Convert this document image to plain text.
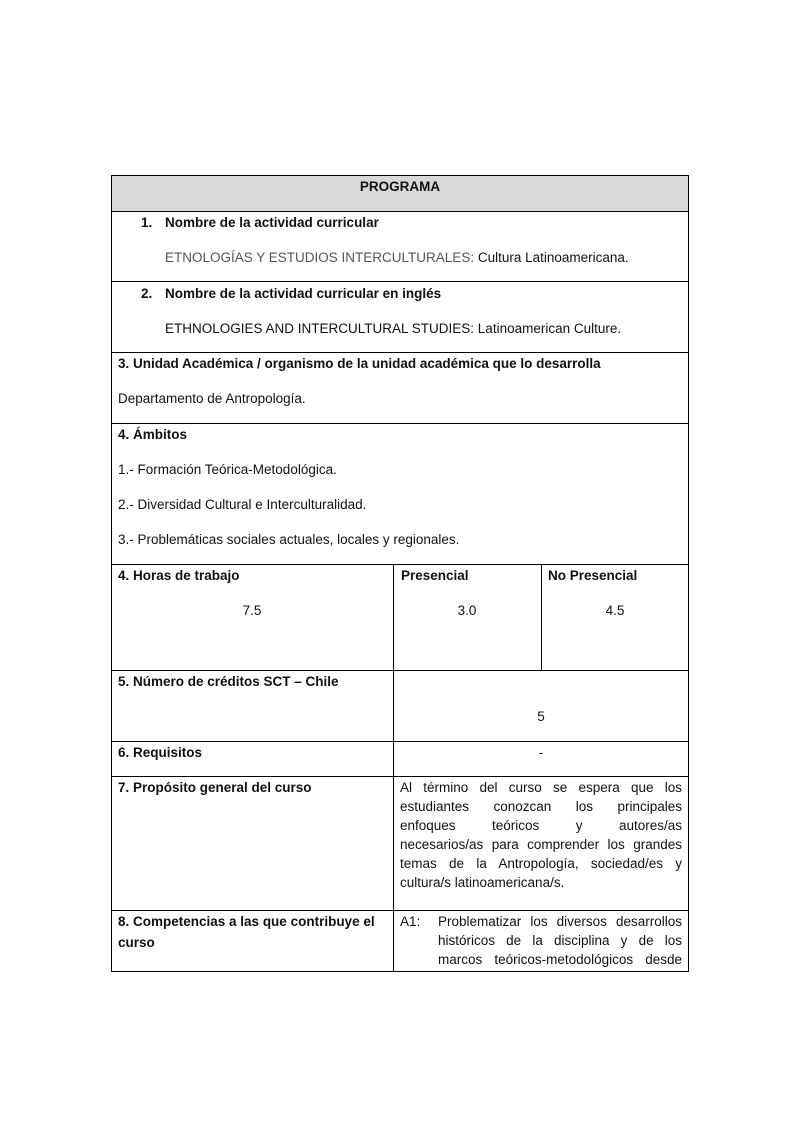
PROGRAMA
1. Nombre de la actividad curricular
ETNOLOGÍAS Y ESTUDIOS INTERCULTURALES: Cultura Latinoamericana.
2. Nombre de la actividad curricular en inglés
ETHNOLOGIES AND INTERCULTURAL STUDIES: Latinoamerican Culture.
3. Unidad Académica / organismo de la unidad académica que lo desarrolla
Departamento de Antropología.
4. Ámbitos
1.- Formación Teórica-Metodológica.
2.- Diversidad Cultural e Interculturalidad.
3.- Problemáticas sociales actuales, locales y regionales.
4. Horas de trabajo
7.5
Presencial
3.0
No Presencial
4.5
5. Número de créditos SCT – Chile
5
6. Requisitos	-
7. Propósito general del curso	Al término del curso se espera que los
estudiantes conozcan los principales
enfoques teóricos y autores/as
necesarios/as para comprender los grandes
temas de la Antropología, sociedad/es y
cultura/s latinoamericana/s.
8. Competencias a las que contribuye el
curso
A1: Problematizar los diversos desarrollos
históricos de la disciplina y de los
marcos teóricos-metodológicos desde
